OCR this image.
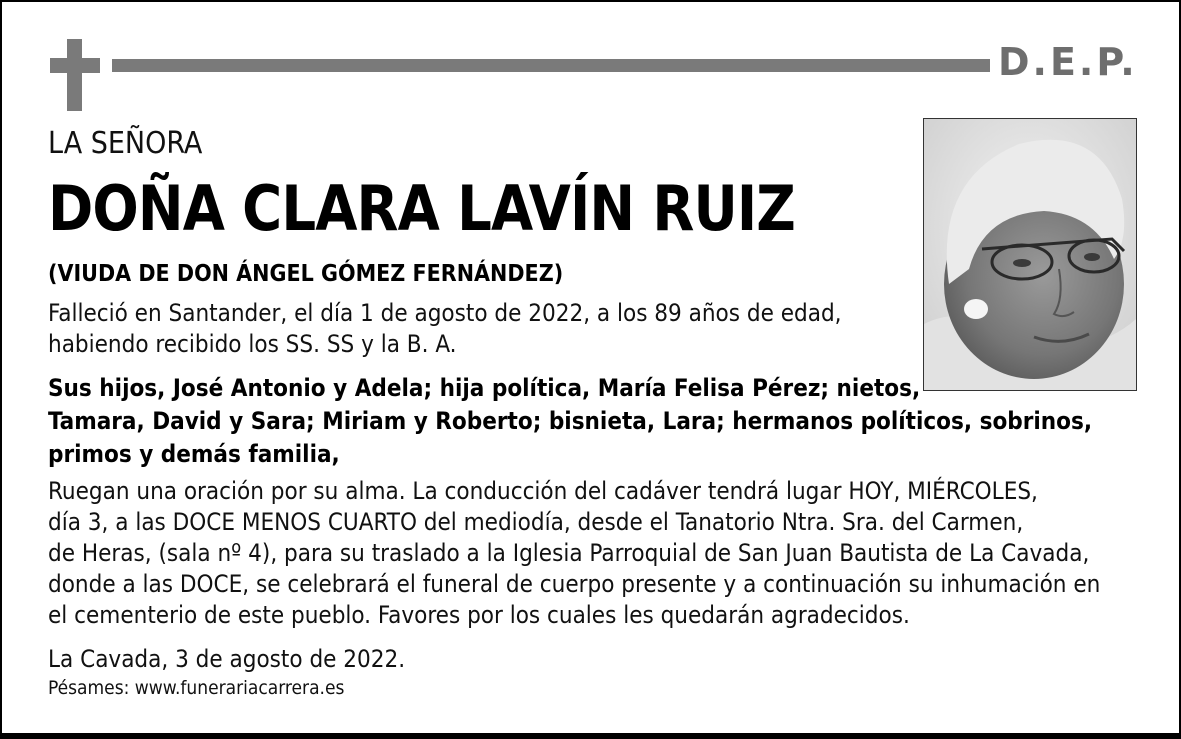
D.E.P.
LA SEÑORA
DOÑA CLARA LAVÍN RUIZ
(VIUDA DE DON ÁNGEL GÓMEZ FERNÁNDEZ)
Falleció en Santander, el día 1 de agosto de 2022, a los 89 años de edad,
habiendo recibido los SS. SS y la B. A.
Sus hijos, José Antonio y Adela; hija política, María Felisa Pérez; nietos,
Tamara, David y Sara; Miriam y Roberto; bisnieta, Lara; hermanos políticos, sobrinos,
primos y demás familia,
Ruegan una oración por su alma. La conducción del cadáver tendrá lugar HOY, MIÉRCOLES,
día 3, a las DOCE MENOS CUARTO del mediodía, desde el Tanatorio Ntra. Sra. del Carmen,
de Heras, (sala nº 4), para su traslado a la Iglesia Parroquial de San Juan Bautista de La Cavada,
donde a las DOCE, se celebrará el funeral de cuerpo presente y a continuación su inhumación en
el cementerio de este pueblo. Favores por los cuales les quedarán agradecidos.
La Cavada, 3 de agosto de 2022.
Pésames: www.funerariacarrera.es
